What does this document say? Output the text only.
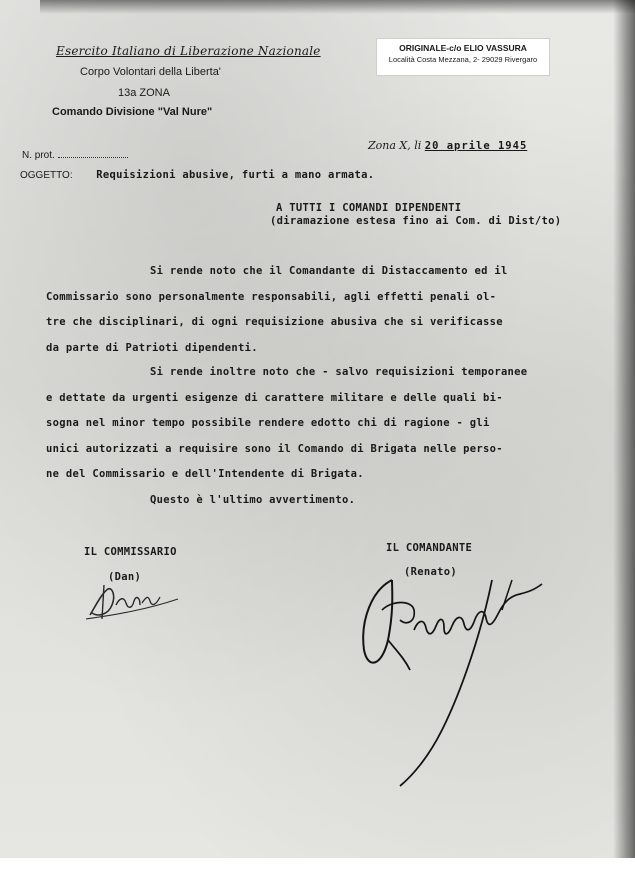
Esercito Italiano di Liberazione Nazionale
Corpo Volontari della Liberta'
13a ZONA
Comando Divisione "Val Nure"
ORIGINALE-c/o ELIO VASSURA
Località Costa Mezzana, 2- 29029 Rivergaro
Zona X, li 20 aprile 1945
N. prot.
OGGETTO: Requisizioni abusive, furti a mano armata.
A TUTTI I COMANDI DIPENDENTI
(diramazione estesa fino ai Com. di Dist/to)
Si rende noto che il Comandante di Distaccamento ed il
Commissario sono personalmente responsabili, agli effetti penali ol-
tre che disciplinari, di ogni requisizione abusiva che si verificasse
da parte di Patrioti dipendenti.
Si rende inoltre noto che - salvo requisizioni temporanee
e dettate da urgenti esigenze di carattere militare e delle quali bi-
sogna nel minor tempo possibile rendere edotto chi di ragione - gli
unici autorizzati a requisire sono il Comando di Brigata nelle perso-
ne del Commissario e dell'Intendente di Brigata.
Questo è l'ultimo avvertimento.
IL COMMISSARIO
(Dan)
IL COMANDANTE
(Renato)
